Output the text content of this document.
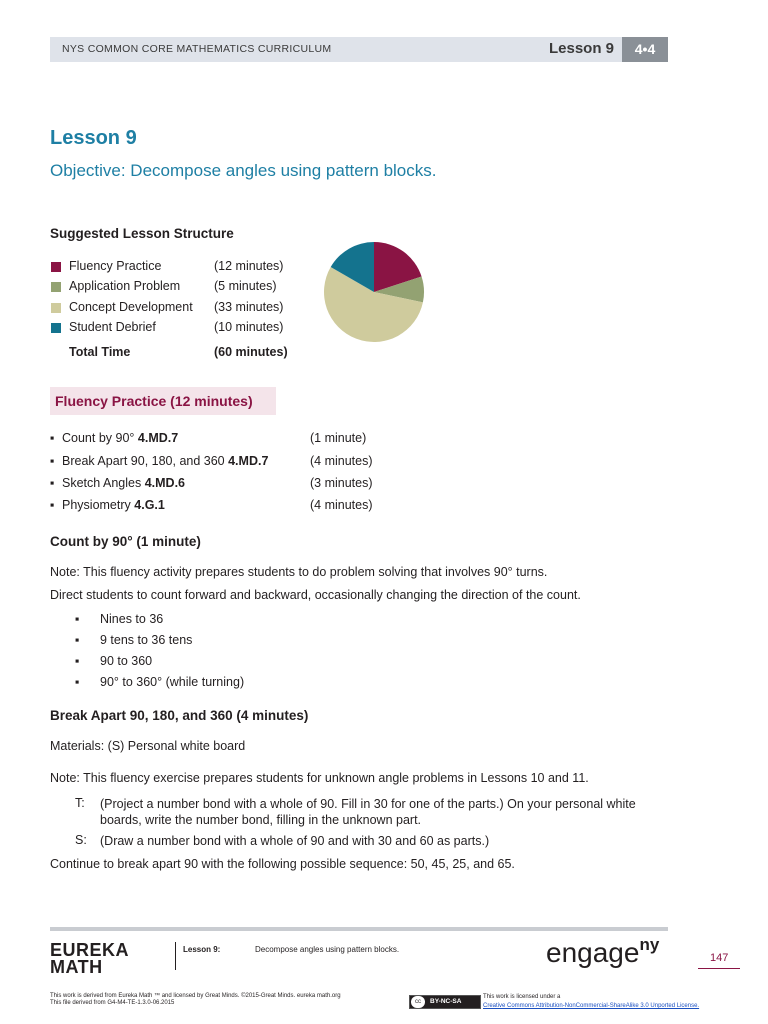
NYS COMMON CORE MATHEMATICS CURRICULUM	Lesson 9	4•4
Lesson 9
Objective: Decompose angles using pattern blocks.
Suggested Lesson Structure
Fluency Practice	(12 minutes)
Application Problem	(5 minutes)
Concept Development (33 minutes)
Student Debrief	(10 minutes)
Total Time	(60 minutes)
Fluency Practice (12 minutes)
▪ Count by 90° 4.MD.7	(1 minute)
▪ Break Apart 90, 180, and 360 4.MD.7	(4 minutes)
▪ Sketch Angles 4.MD.6	(3 minutes)
▪ Physiometry 4.G.1	(4 minutes)
Count by 90° (1 minute)
Note: This fluency activity prepares students to do problem solving that involves 90° turns.
Direct students to count forward and backward, occasionally changing the direction of the count.
▪ Nines to 36
▪ 9 tens to 36 tens
▪ 90 to 360
▪ 90° to 360° (while turning)
Break Apart 90, 180, and 360 (4 minutes)
Materials: (S) Personal white board
Note: This fluency exercise prepares students for unknown angle problems in Lessons 10 and 11.
T: (Project a number bond with a whole of 90. Fill in 30 for one of the parts.) On your personal white boards, write the number bond, filling in the unknown part.
S: (Draw a number bond with a whole of 90 and with 30 and 60 as parts.)
Continue to break apart 90 with the following possible sequence: 50, 45, 25, and 65.
EUREKA
MATH
Lesson 9:	Decompose angles using pattern blocks.	engage$^{ny}$
147
This work is derived from Eureka Math ™ and licensed by Great Minds. ©2015-Great Minds. eureka math.org
This file derived from G4-M4-TE-1.3.0-06.2015	cc	BY-NC-SA
This work is licensed under a
Creative Commons Attribution-NonCommercial-ShareAlike 3.0 Unported License.
